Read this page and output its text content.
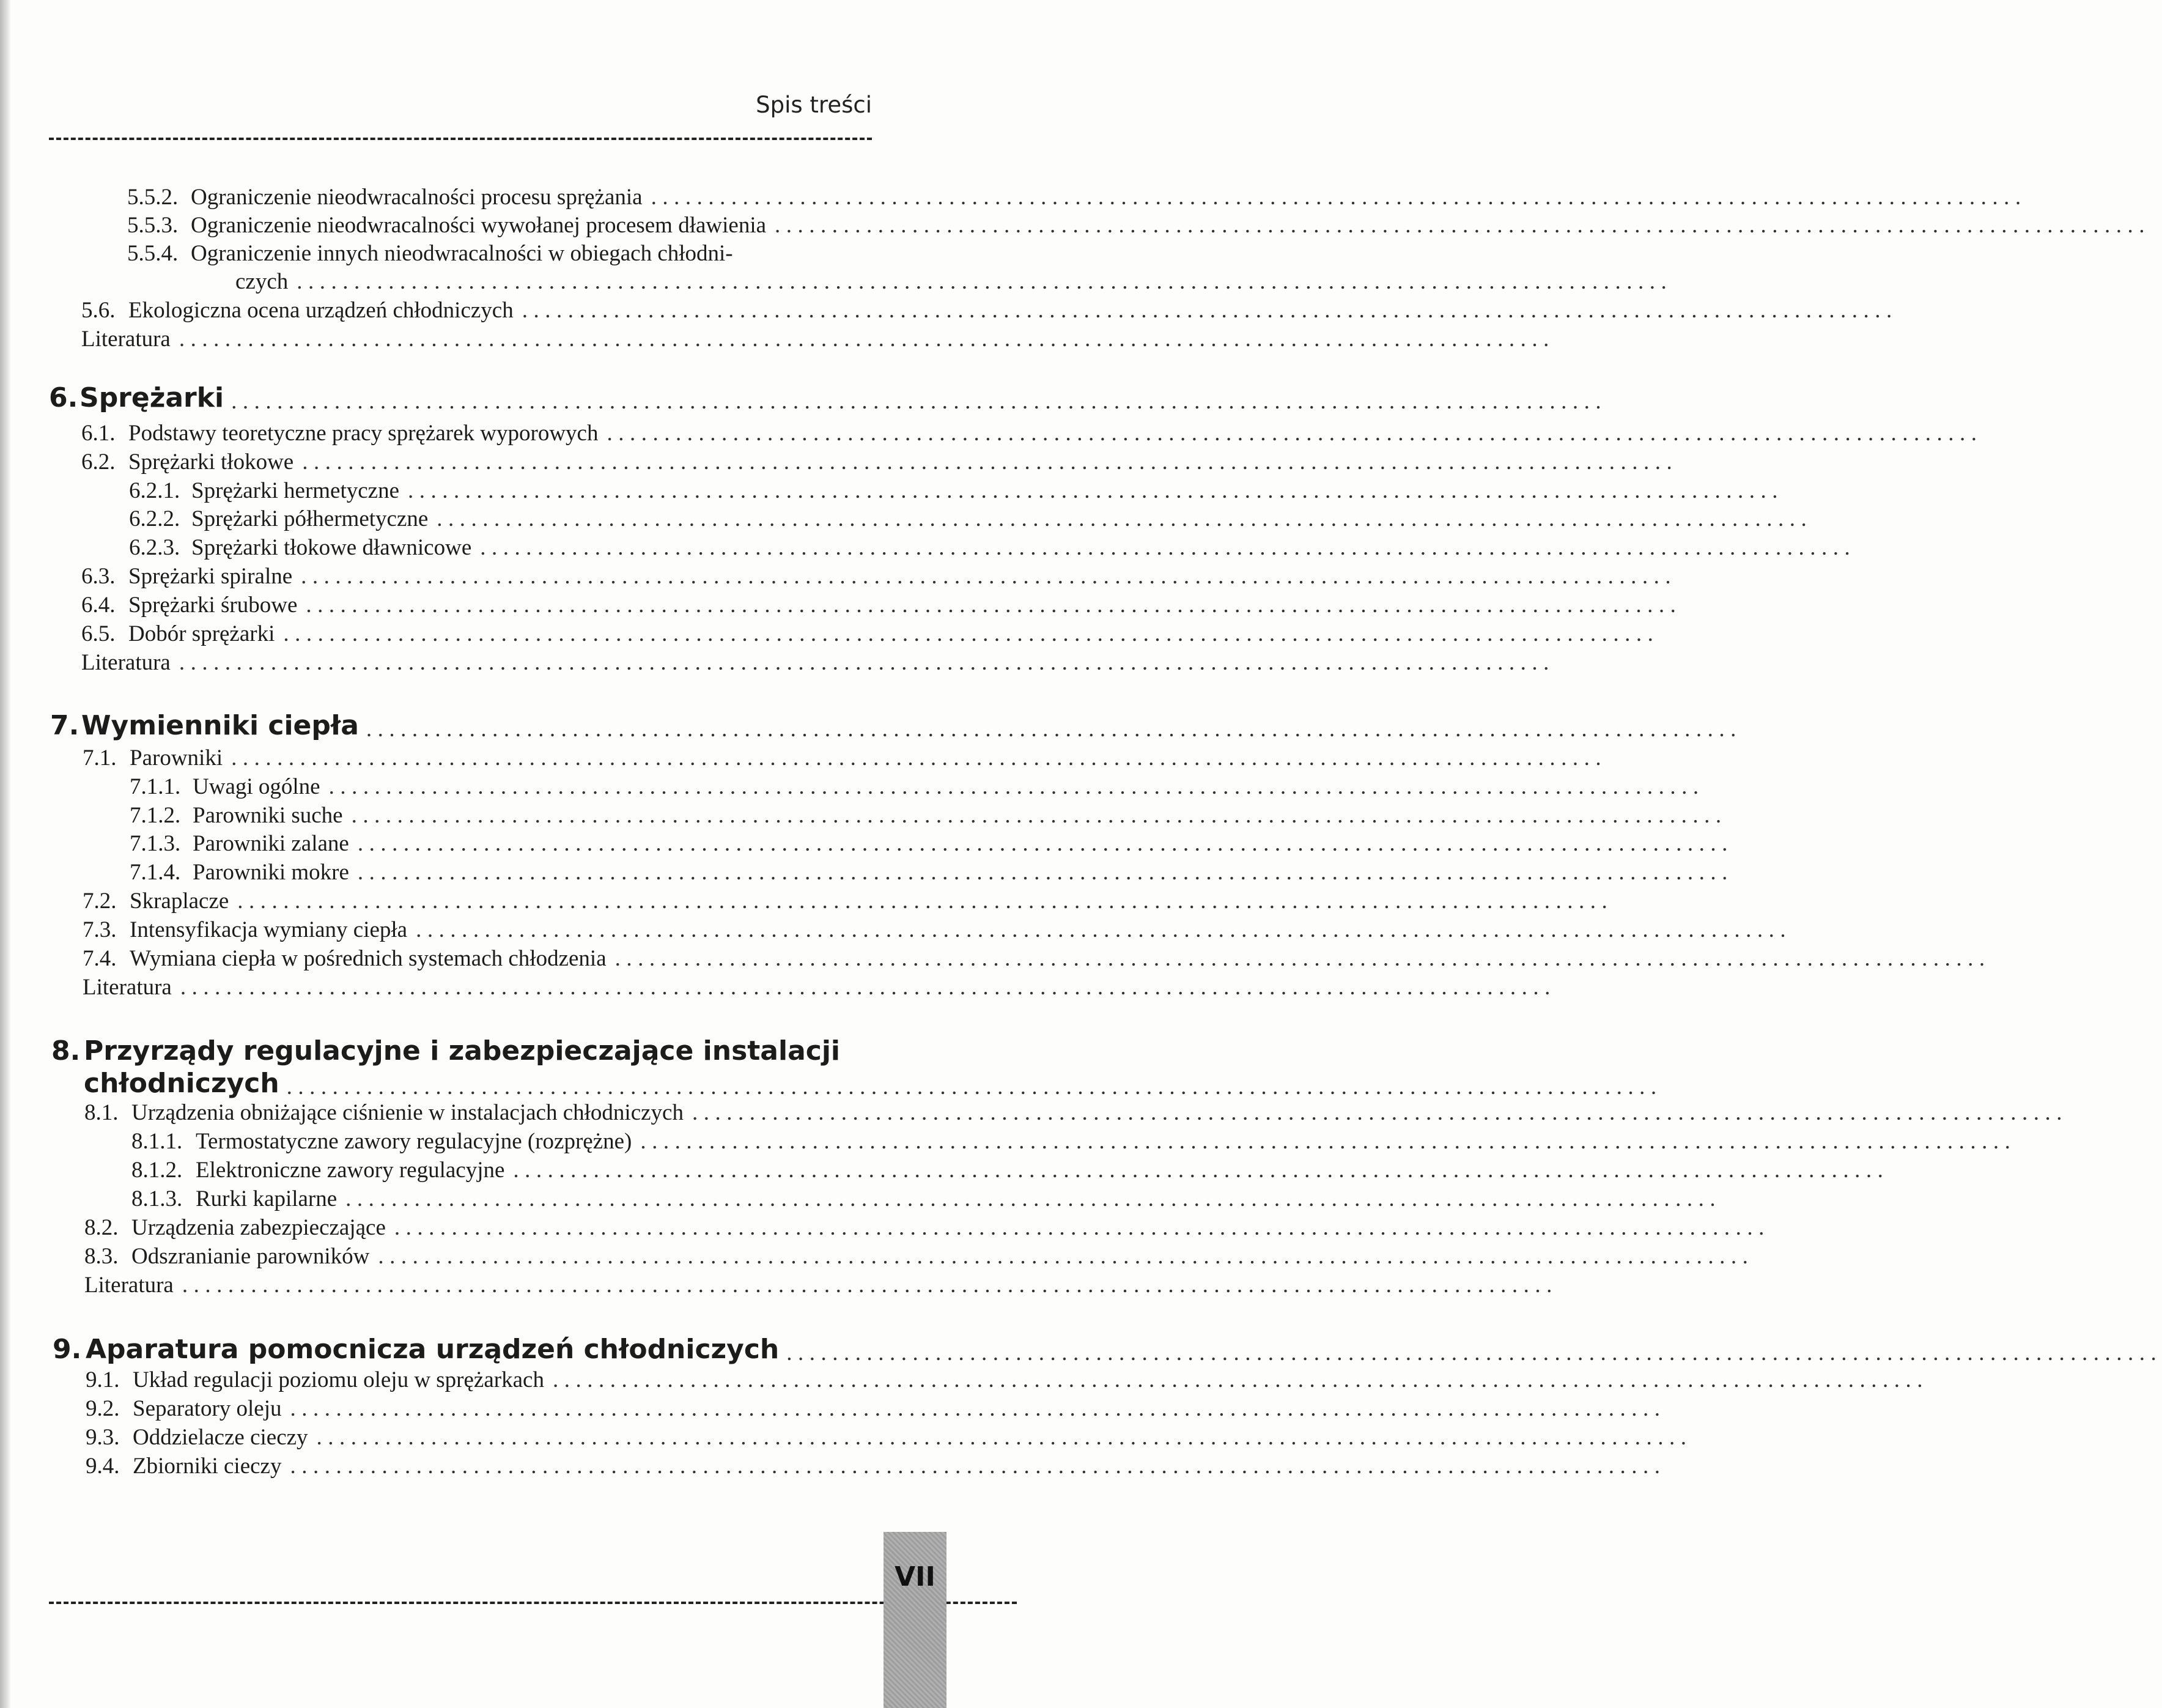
Spis treści
5.5.2. Ograniczenie nieodwracalności procesu sprężania ........................................................................................................................
5.5.3. Ograniczenie nieodwracalności wywołanej procesem dławienia ........................................................................................................................
5.5.4. Ograniczenie innych nieodwracalności w obiegach chłodni-
czych ........................................................................................................................
5.6. Ekologiczna ocena urządzeń chłodniczych ........................................................................................................................
Literatura ........................................................................................................................
6.1. Podstawy teoretyczne pracy sprężarek wyporowych ........................................................................................................................
6.2. Sprężarki tłokowe ........................................................................................................................
6.2.1. Sprężarki hermetyczne ........................................................................................................................
6.2.2. Sprężarki półhermetyczne ........................................................................................................................
6.2.3. Sprężarki tłokowe dławnicowe ........................................................................................................................
6.3. Sprężarki spiralne ........................................................................................................................
6.4. Sprężarki śrubowe ........................................................................................................................
6.5. Dobór sprężarki ........................................................................................................................
Literatura ........................................................................................................................
7.1. Parowniki ........................................................................................................................
7.1.1. Uwagi ogólne ........................................................................................................................
7.1.2. Parowniki suche ........................................................................................................................
7.1.3. Parowniki zalane ........................................................................................................................
7.1.4. Parowniki mokre ........................................................................................................................
7.2. Skraplacze ........................................................................................................................
7.3. Intensyfikacja wymiany ciepła ........................................................................................................................
7.4. Wymiana ciepła w pośrednich systemach chłodzenia ........................................................................................................................
Literatura ........................................................................................................................
8.1. Urządzenia obniżające ciśnienie w instalacjach chłodniczych ........................................................................................................................
8.1.1. Termostatyczne zawory regulacyjne (rozprężne) ........................................................................................................................
8.1.2. Elektroniczne zawory regulacyjne ........................................................................................................................
8.1.3. Rurki kapilarne ........................................................................................................................
8.2. Urządzenia zabezpieczające ........................................................................................................................
8.3. Odszranianie parowników ........................................................................................................................
Literatura ........................................................................................................................
9.1. Układ regulacji poziomu oleju w sprężarkach ........................................................................................................................
9.2. Separatory oleju ........................................................................................................................
9.3. Oddzielacze cieczy ........................................................................................................................
9.4. Zbiorniki cieczy ........................................................................................................................
6. Sprężarki ........................................................................................................................
7. Wymienniki ciepła ........................................................................................................................
8. Przyrządy regulacyjne i zabezpieczające instalacji
chłodniczych ........................................................................................................................
9. Aparatura pomocnicza urządzeń chłodniczych ........................................................................................................................
VII
